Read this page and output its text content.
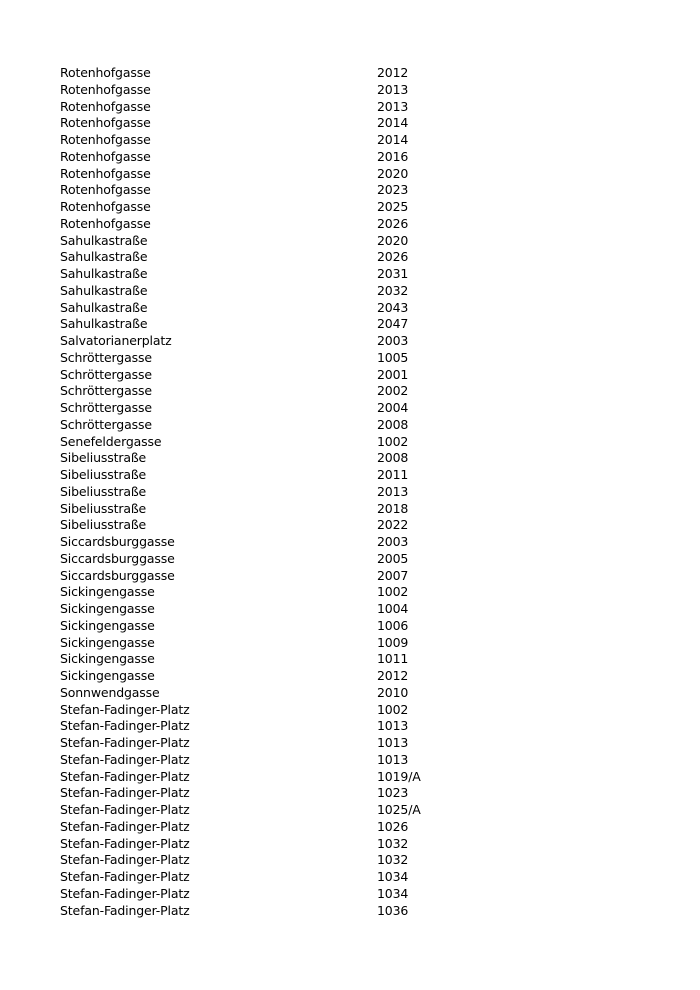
Rotenhofgasse	2012
Rotenhofgasse	2013
Rotenhofgasse	2013
Rotenhofgasse	2014
Rotenhofgasse	2014
Rotenhofgasse	2016
Rotenhofgasse	2020
Rotenhofgasse	2023
Rotenhofgasse	2025
Rotenhofgasse	2026
Sahulkastraße	2020
Sahulkastraße	2026
Sahulkastraße	2031
Sahulkastraße	2032
Sahulkastraße	2043
Sahulkastraße	2047
Salvatorianerplatz	2003
Schröttergasse	1005
Schröttergasse	2001
Schröttergasse	2002
Schröttergasse	2004
Schröttergasse	2008
Senefeldergasse	1002
Sibeliusstraße	2008
Sibeliusstraße	2011
Sibeliusstraße	2013
Sibeliusstraße	2018
Sibeliusstraße	2022
Siccardsburggasse	2003
Siccardsburggasse	2005
Siccardsburggasse	2007
Sickingengasse	1002
Sickingengasse	1004
Sickingengasse	1006
Sickingengasse	1009
Sickingengasse	1011
Sickingengasse	2012
Sonnwendgasse	2010
Stefan-Fadinger-Platz	1002
Stefan-Fadinger-Platz	1013
Stefan-Fadinger-Platz	1013
Stefan-Fadinger-Platz	1013
Stefan-Fadinger-Platz	1019/A
Stefan-Fadinger-Platz	1023
Stefan-Fadinger-Platz	1025/A
Stefan-Fadinger-Platz	1026
Stefan-Fadinger-Platz	1032
Stefan-Fadinger-Platz	1032
Stefan-Fadinger-Platz	1034
Stefan-Fadinger-Platz	1034
Stefan-Fadinger-Platz	1036
